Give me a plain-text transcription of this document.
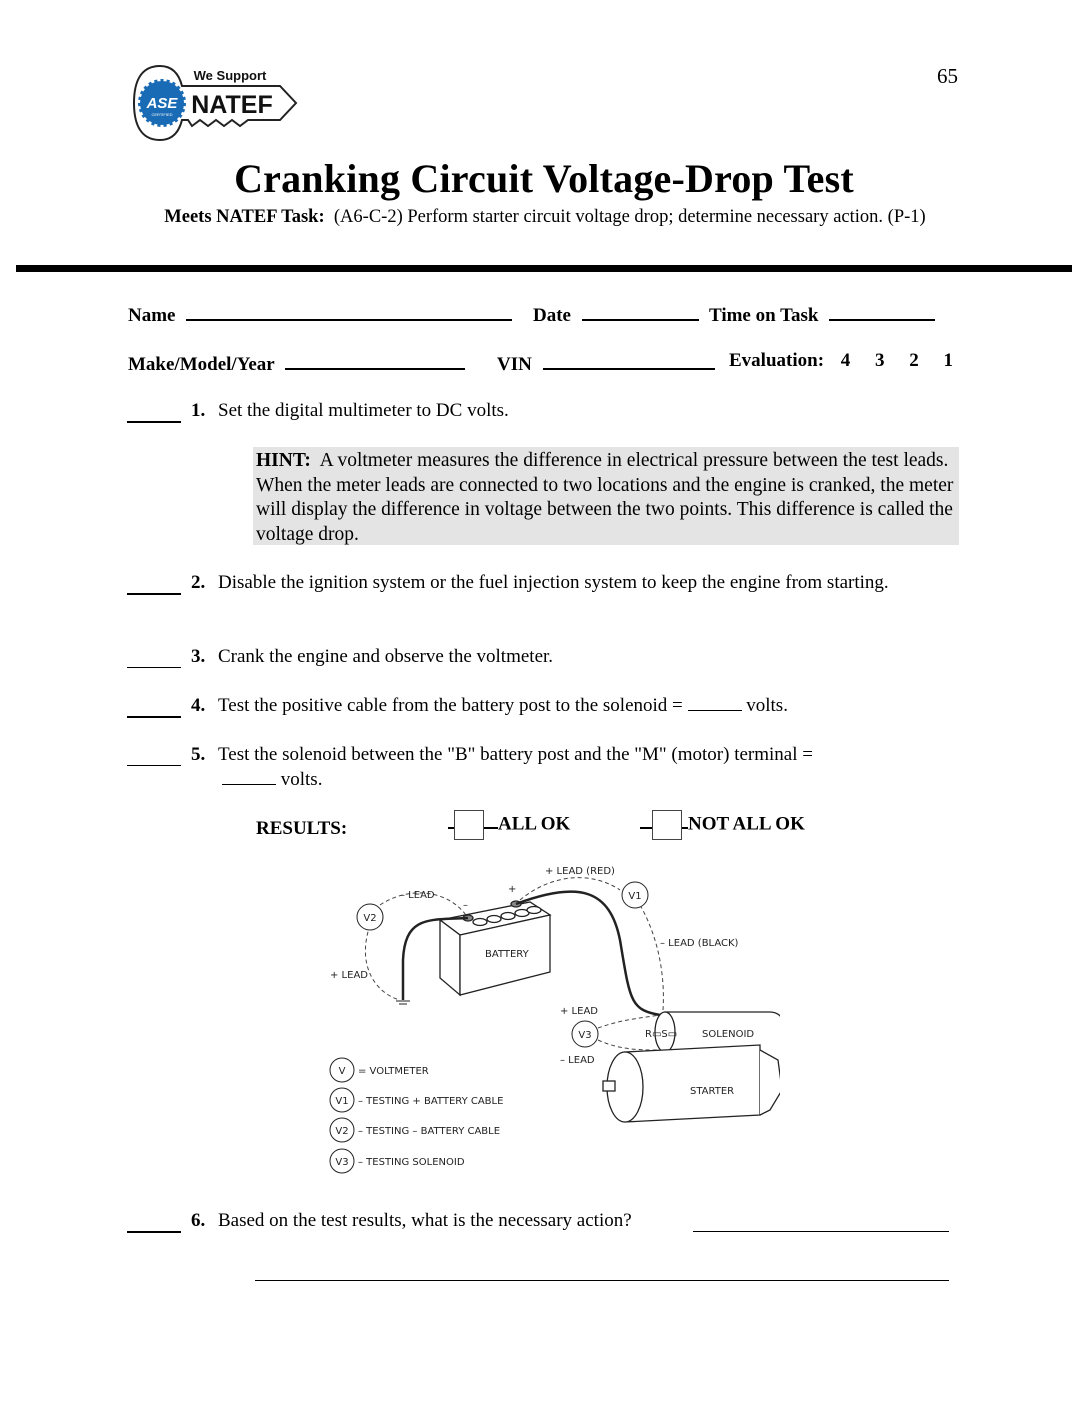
65
ASE
CERTIFIED
We Support
NATEF
Cranking Circuit Voltage-Drop Test
Meets NATEF Task: (A6-C-2) Perform starter circuit voltage drop; determine necessary action. (P-1)
Name	Date	Time on Task
Make/Model/Year	VIN	Evaluation: 4 3 2 1
1. Set the digital multimeter to DC volts.
HINT: A voltmeter measures the difference in electrical pressure between the test leads. When the meter leads are connected to two locations and the engine is cranked, the meter will display the difference in voltage between the two points. This difference is called the voltage drop.
2. Disable the ignition system or the fuel injection system to keep the engine from starting.
3. Crank the engine and observe the voltmeter.
4. Test the positive cable from the battery post to the solenoid =	volts.
5. Test the solenoid between the "B" battery post and the "M" (motor) terminal =
volts.
RESULTS:	ALL OK	NOT ALL OK
BATTERY
+
–
V2
V1
V3
+ LEAD (RED)
– LEAD (BLACK)
– LEAD
+ LEAD
+ LEAD
– LEAD
R▭S▭ SOLENOID
STARTER
V = VOLTMETER
V1 – TESTING + BATTERY CABLE
V2 – TESTING – BATTERY CABLE
V3 – TESTING SOLENOID
6. Based on the test results, what is the necessary action?
